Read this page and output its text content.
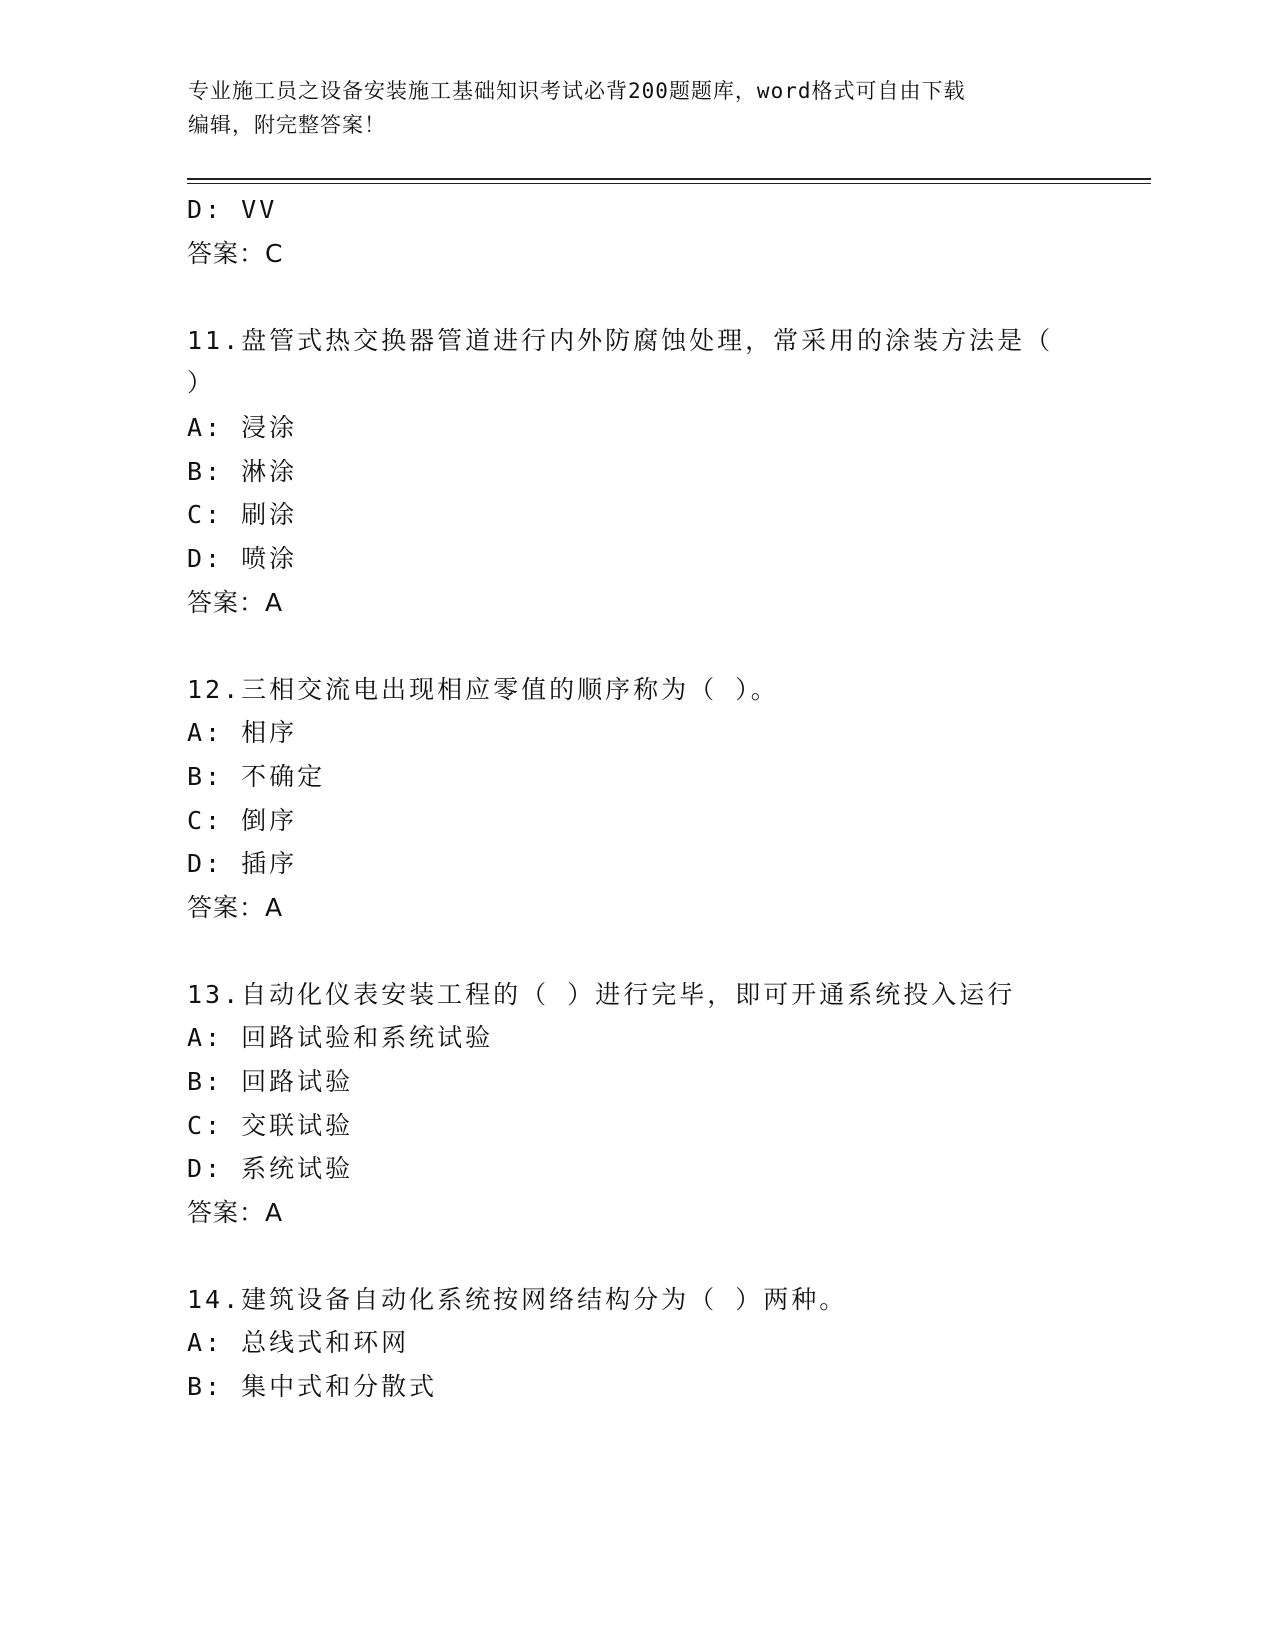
专业施工员之设备安装施工基础知识考试必背200题题库，word格式可自由下载
编辑，附完整答案！
D: VV
答案：C
11.盘管式热交换器管道进行内外防腐蚀处理，常采用的涂装方法是（
）
A: 浸涂
B: 淋涂
C: 刷涂
D: 喷涂
答案：A
12.三相交流电出现相应零值的顺序称为（ ）。
A: 相序
B: 不确定
C: 倒序
D: 插序
答案：A
13.自动化仪表安装工程的（ ）进行完毕，即可开通系统投入运行
A: 回路试验和系统试验
B: 回路试验
C: 交联试验
D: 系统试验
答案：A
14.建筑设备自动化系统按网络结构分为（ ）两种。
A: 总线式和环网
B: 集中式和分散式
